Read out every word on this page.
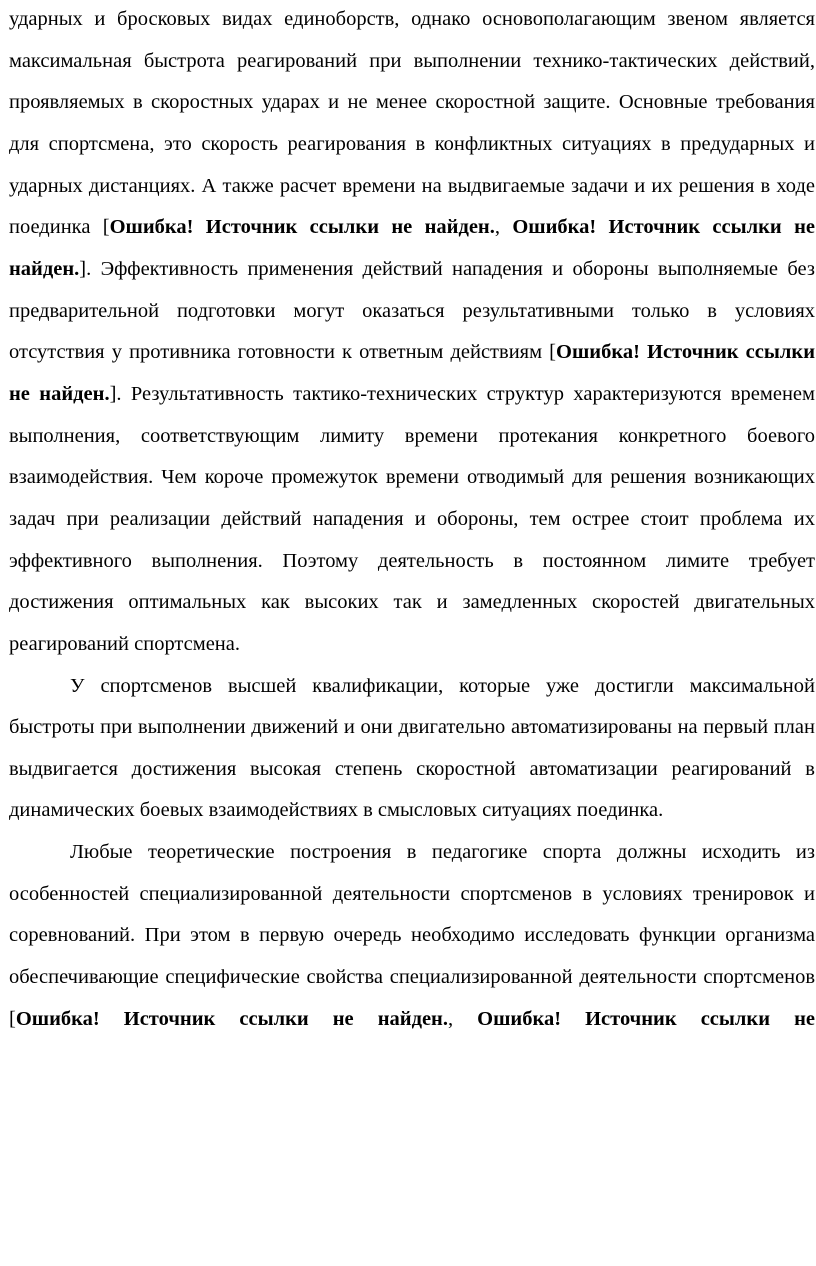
ударных и бросковых видах единоборств, однако основополагающим звеном является максимальная быстрота реагирований при выполнении технико-тактических действий, проявляемых в скоростных ударах и не менее скоростной защите. Основные требования для спортсмена, это скорость реагирования в конфликтных ситуациях в предударных и ударных дистанциях. А также расчет времени на выдвигаемые задачи и их решения в ходе поединка [Ошибка! Источник ссылки не найден., Ошибка! Источник ссылки не найден.]. Эффективность применения действий нападения и обороны выполняемые без предварительной подготовки могут оказаться результативными только в условиях отсутствия у противника готовности к ответным действиям [Ошибка! Источник ссылки не найден.]. Результативность тактико-технических структур характеризуются временем выполнения, соответствующим лимиту времени протекания конкретного боевого взаимодействия. Чем короче промежуток времени отводимый для решения возникающих задач при реализации действий нападения и обороны, тем острее стоит проблема их эффективного выполнения. Поэтому деятельность в постоянном лимите требует достижения оптимальных как высоких так и замедленных скоростей двигательных реагирований спортсмена.

У спортсменов высшей квалификации, которые уже достигли максимальной быстроты при выполнении движений и они двигательно автоматизированы на первый план выдвигается достижения высокая степень скоростной автоматизации реагирований в динамических боевых взаимодействиях в смысловых ситуациях поединка.

Любые теоретические построения в педагогике спорта должны исходить из особенностей специализированной деятельности спортсменов в условиях тренировок и соревнований. При этом в первую очередь необходимо исследовать функции организма обеспечивающие специфические свойства специализированной деятельности спортсменов [Ошибка! Источник ссылки не найден., Ошибка! Источник ссылки не
